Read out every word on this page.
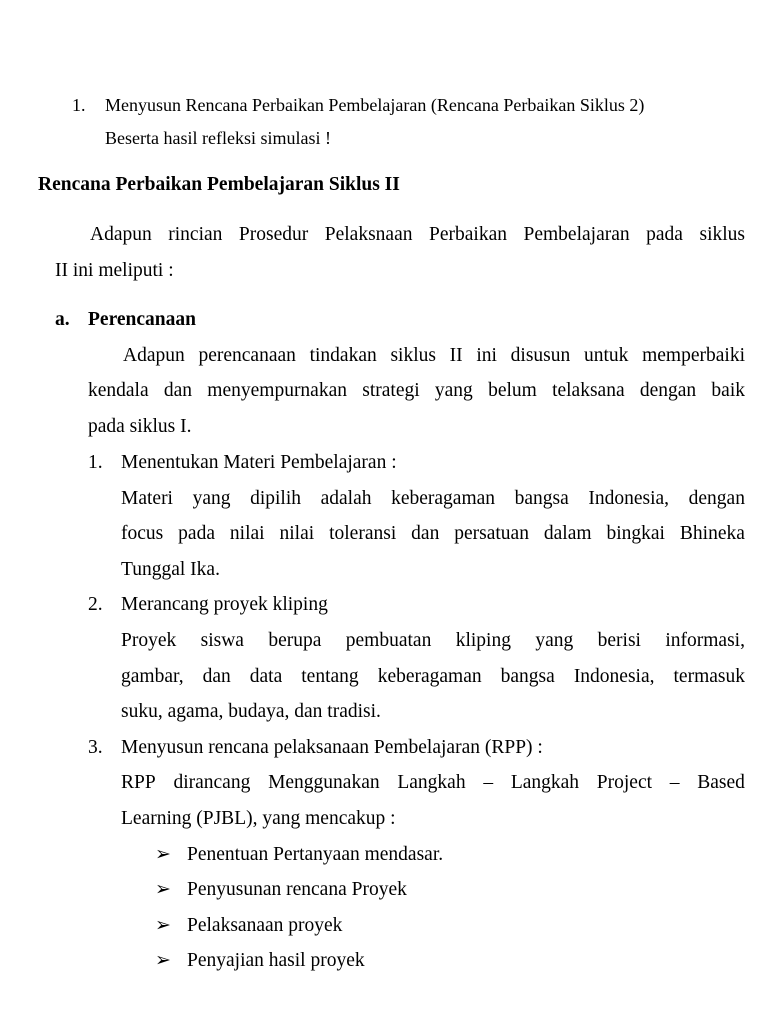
1. Menyusun Rencana Perbaikan Pembelajaran (Rencana Perbaikan Siklus 2)
Beserta hasil refleksi simulasi !
Rencana Perbaikan Pembelajaran Siklus II
Adapun rincian Prosedur Pelaksnaan Perbaikan Pembelajaran pada siklus
II ini meliputi :
a. Perencanaan
Adapun perencanaan tindakan siklus II ini disusun untuk memperbaiki
kendala dan menyempurnakan strategi yang belum telaksana dengan baik
pada siklus I.
1. Menentukan Materi Pembelajaran :
Materi yang dipilih adalah keberagaman bangsa Indonesia, dengan
focus pada nilai nilai toleransi dan persatuan dalam bingkai Bhineka
Tunggal Ika.
2. Merancang proyek kliping
Proyek siswa berupa pembuatan kliping yang berisi informasi,
gambar, dan data tentang keberagaman bangsa Indonesia, termasuk
suku, agama, budaya, dan tradisi.
3. Menyusun rencana pelaksanaan Pembelajaran (RPP) :
RPP dirancang Menggunakan Langkah – Langkah Project – Based
Learning (PJBL), yang mencakup :
➢ Penentuan Pertanyaan mendasar.
➢ Penyusunan rencana Proyek
➢ Pelaksanaan proyek
➢ Penyajian hasil proyek
